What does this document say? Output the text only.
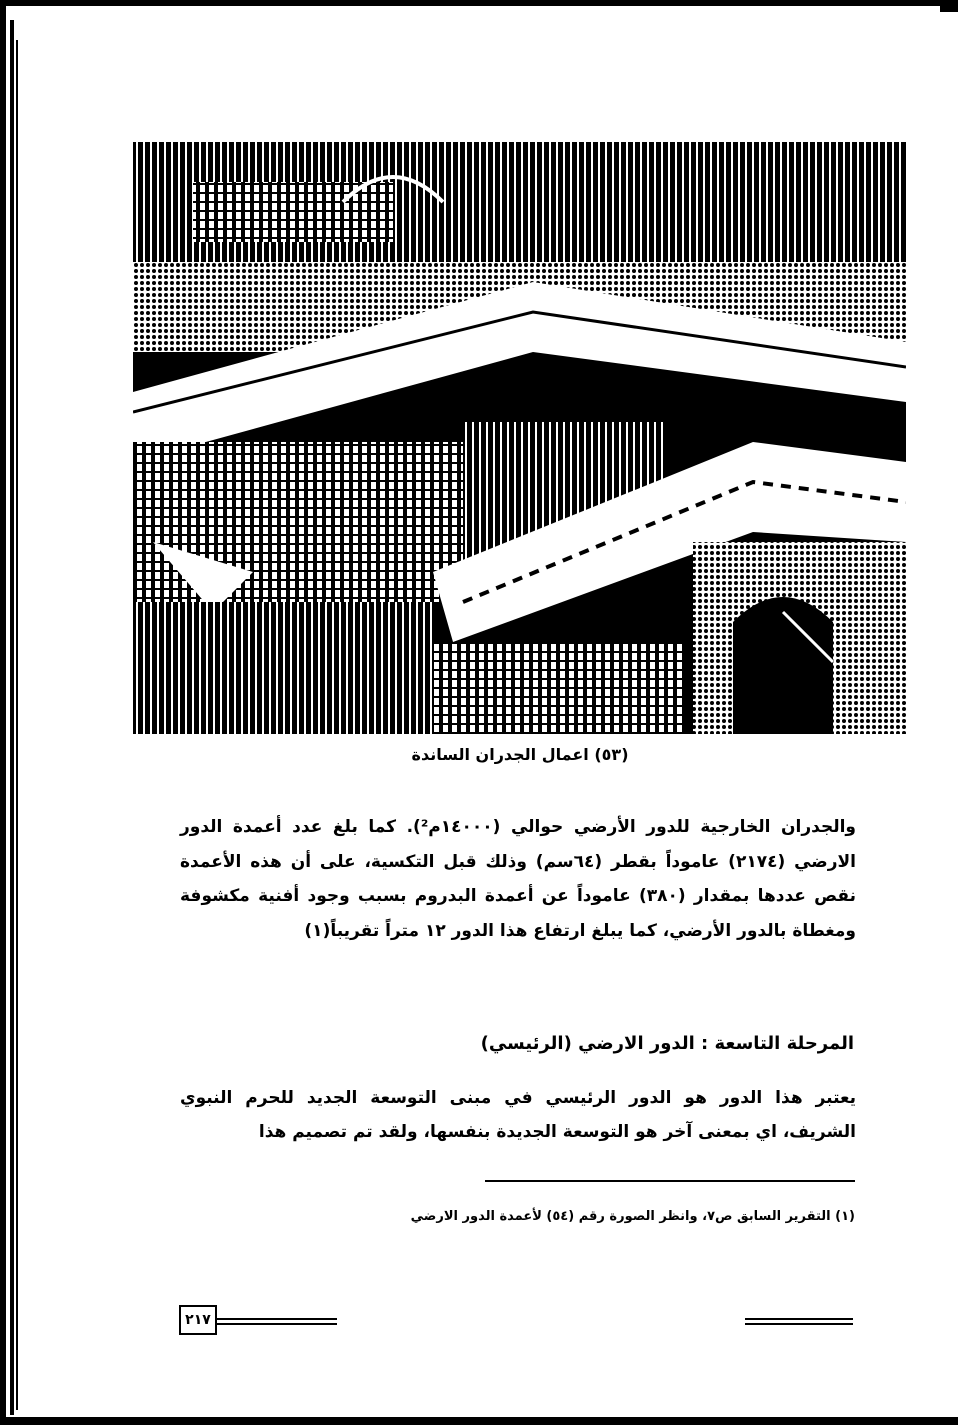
(٥٣) اعمال الجدران الساندة
والجدران الخارجية للدور الأرضي حوالي (١٤٠٠٠م²). كما بلغ عدد أعمدة الدور الارضي (٢١٧٤) عاموداً بقطر (٦٤سم) وذلك قبل التكسية، على أن هذه الأعمدة نقص عددها بمقدار (٣٨٠) عاموداً عن أعمدة البدروم بسبب وجود أفنية مكشوفة ومغطاة بالدور الأرضي، كما يبلغ ارتفاع هذا الدور ١٢ متراً تقريباً(١)
المرحلة التاسعة : الدور الارضي (الرئيسي)
يعتبر هذا الدور هو الدور الرئيسي في مبنى التوسعة الجديد للحرم النبوي الشريف، اي بمعنى آخر هو التوسعة الجديدة بنفسها، ولقد تم تصميم هذا
(١) التقرير السابق ص٧، وانظر الصورة رقم (٥٤) لأعمدة الدور الارضي
٢١٧
